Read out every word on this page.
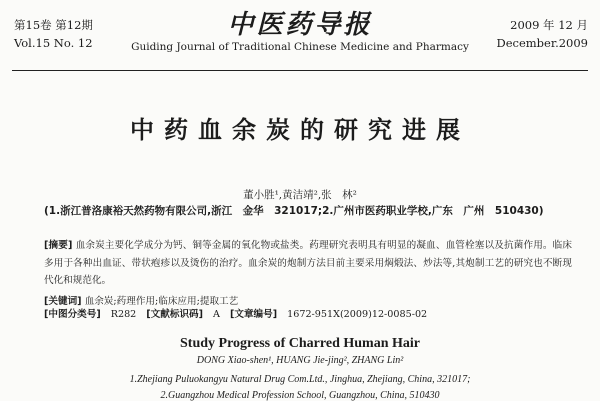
第15卷 第12期
Vol.15 No. 12
中医药导报
Guiding Journal of Traditional Chinese Medicine and Pharmacy
2009 年 12 月
December.2009
中药血余炭的研究进展
董小胜¹,黄洁靖²,张　林²
(1.浙江普洛康裕天然药物有限公司,浙江　金华　321017;2.广州市医药职业学校,广东　广州　510430)
[摘要] 血余炭主要化学成分为钙、铜等金属的氧化物或盐类。药理研究表明具有明显的凝血、血管栓塞以及抗菌作用。临床多用于各种出血证、带状疱疹以及烫伤的治疗。血余炭的炮制方法目前主要采用焖煅法、炒法等,其炮制工艺的研究也不断现代化和规范化。
[关键词] 血余炭;药理作用;临床应用;提取工艺
[中图分类号] R282 [文献标识码] A [文章编号] 1672-951X(2009)12-0085-02
Study Progress of Charred Human Hair
DONG Xiao-shen¹, HUANG Jie-jing², ZHANG Lin²
1.Zhejiang Puluokangyu Natural Drug Com.Ltd., Jinghua, Zhejiang, China, 321017;
2.Guangzhou Medical Profession School, Guangzhou, China, 510430
